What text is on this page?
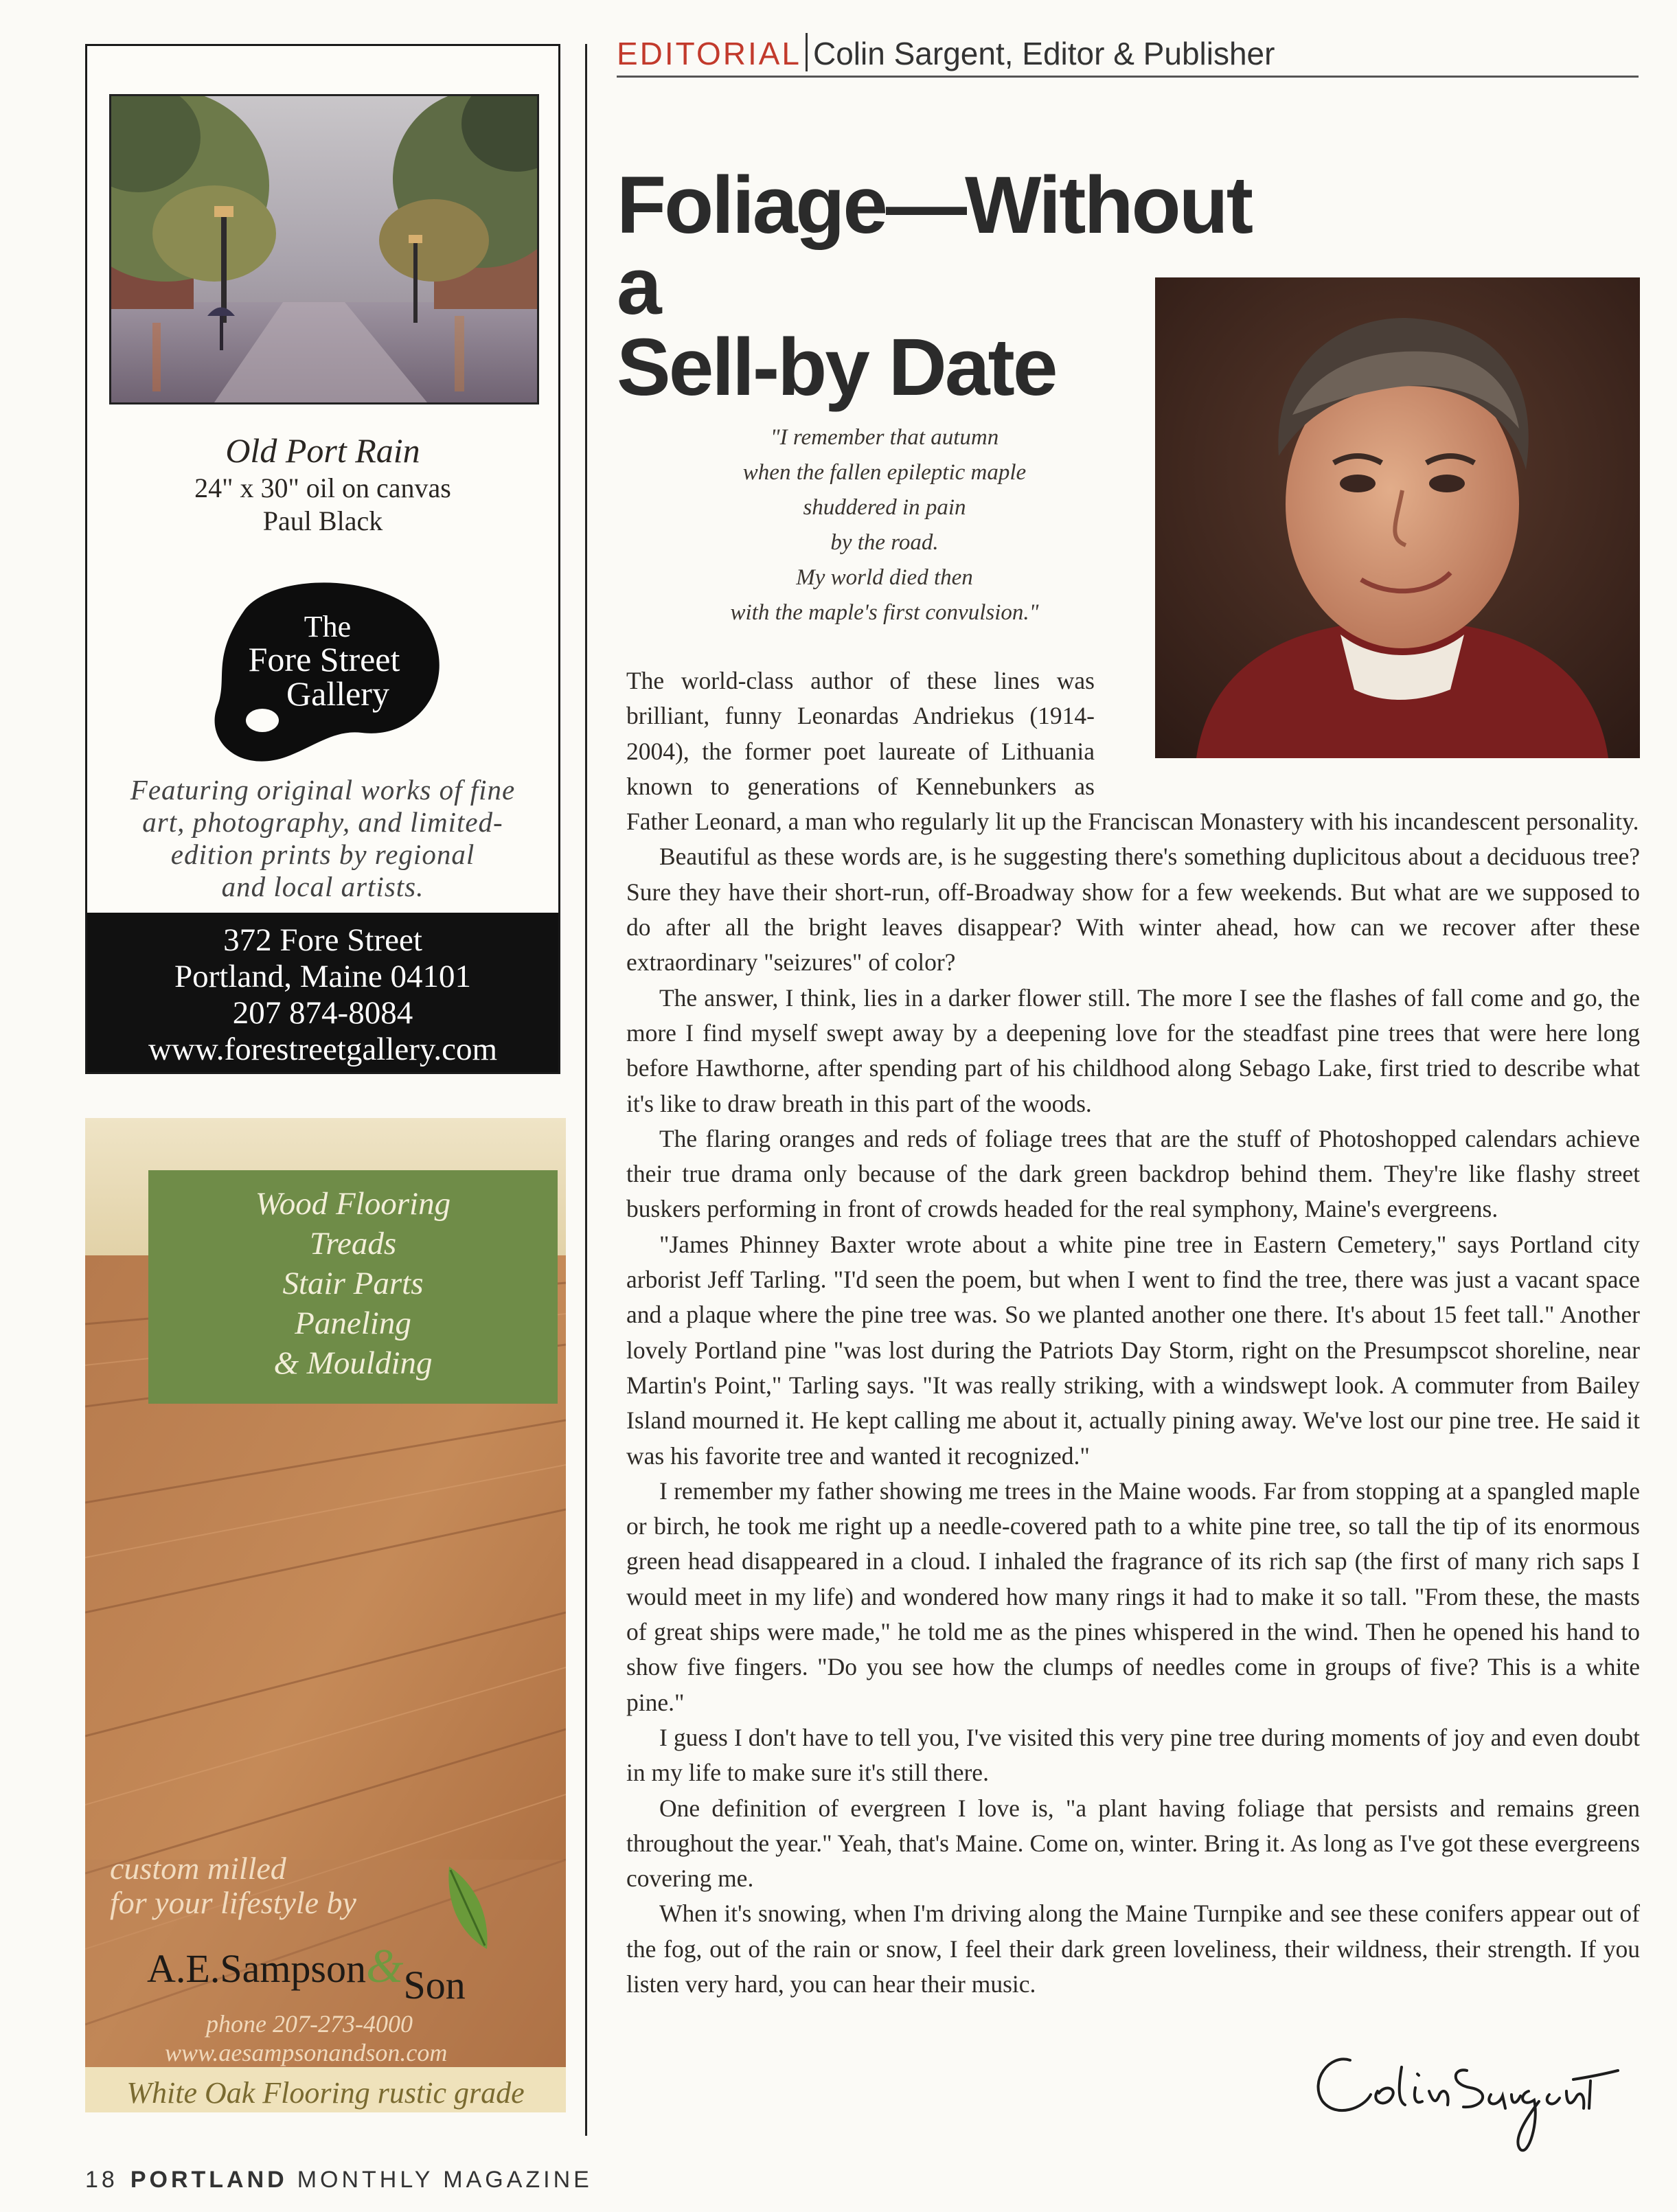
Old Port Rain
24" x 30" oil on canvas
Paul Black
The
Fore Street
Gallery
Featuring original works of fine
art, photography, and limited-
edition prints by regional
and local artists.
372 Fore Street
Portland, Maine 04101
207 874-8084
www.forestreetgallery.com
Wood Flooring
Treads
Stair Parts
Paneling
& Moulding
custom milled
for your lifestyle by
A.E.Sampson&Son
phone 207-273-4000
www.aesampsonandson.com
White Oak Flooring rustic grade
18 PORTLAND MONTHLY MAGAZINE
EDITORIAL Colin Sargent, Editor & Publisher
Foliage—Without a
Sell-by Date
"I remember that autumn
when the fallen epileptic maple
shuddered in pain
by the road.
My world died then
with the maple's first convulsion."

The world-class author of these lines was brilliant, funny Leonardas Andriekus (1914-2004), the former poet laureate of Lithuania known to generations of Kennebunkers as Father Leonard, a man who regularly lit up the Franciscan Monastery with his incandescent personality.

Beautiful as these words are, is he suggesting there's something duplicitous about a deciduous tree? Sure they have their short-run, off-Broadway show for a few weekends. But what are we supposed to do after all the bright leaves disappear? With winter ahead, how can we recover after these extraordinary "seizures" of color?

The answer, I think, lies in a darker flower still. The more I see the flashes of fall come and go, the more I find myself swept away by a deepening love for the steadfast pine trees that were here long before Hawthorne, after spending part of his childhood along Sebago Lake, first tried to describe what it's like to draw breath in this part of the woods.

The flaring oranges and reds of foliage trees that are the stuff of Photoshopped calendars achieve their true drama only because of the dark green backdrop behind them. They're like flashy street buskers performing in front of crowds headed for the real symphony, Maine's evergreens.

"James Phinney Baxter wrote about a white pine tree in Eastern Cemetery," says Portland city arborist Jeff Tarling. "I'd seen the poem, but when I went to find the tree, there was just a vacant space and a plaque where the pine tree was. So we planted another one there. It's about 15 feet tall." Another lovely Portland pine "was lost during the Patriots Day Storm, right on the Presumpscot shoreline, near Martin's Point," Tarling says. "It was really striking, with a windswept look. A commuter from Bailey Island mourned it. He kept calling me about it, actually pining away. We've lost our pine tree. He said it was his favorite tree and wanted it recognized."

I remember my father showing me trees in the Maine woods. Far from stopping at a spangled maple or birch, he took me right up a needle-covered path to a white pine tree, so tall the tip of its enormous green head disappeared in a cloud. I inhaled the fragrance of its rich sap (the first of many rich saps I would meet in my life) and wondered how many rings it had to make it so tall. "From these, the masts of great ships were made," he told me as the pines whispered in the wind. Then he opened his hand to show five fingers. "Do you see how the clumps of needles come in groups of five? This is a white pine."

I guess I don't have to tell you, I've visited this very pine tree during moments of joy and even doubt in my life to make sure it's still there.

One definition of evergreen I love is, "a plant having foliage that persists and remains green throughout the year." Yeah, that's Maine. Come on, winter. Bring it. As long as I've got these evergreens covering me.

When it's snowing, when I'm driving along the Maine Turnpike and see these conifers appear out of the fog, out of the rain or snow, I feel their dark green loveliness, their wildness, their strength. If you listen very hard, you can hear their music.
